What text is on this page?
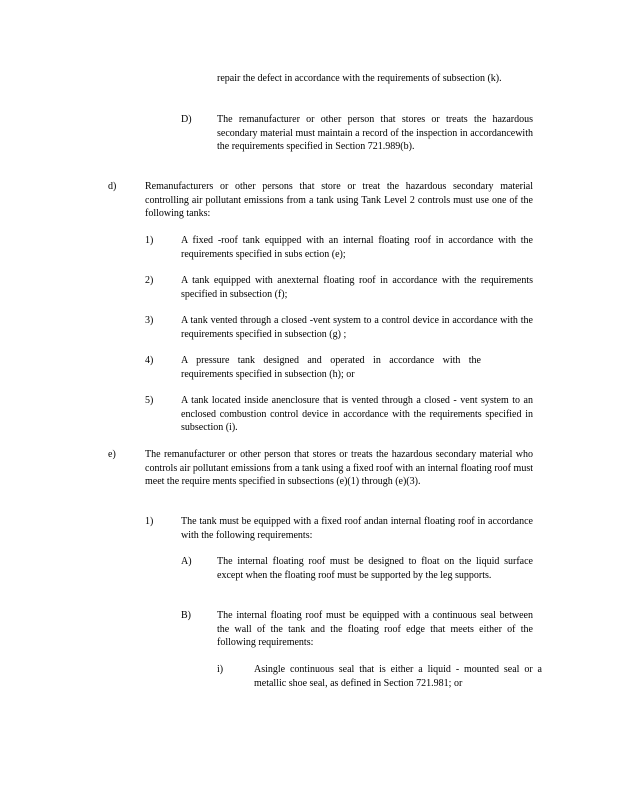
repair the defect in accordance with the requirements of subsection (k).
D)	The remanufacturer or other person that stores or treats the hazardous secondary material must maintain a record of the inspection in accordancewith the requirements specified in Section 721.989(b).
d)	Remanufacturers or other persons that store or treat the hazardous secondary material controlling air pollutant emissions from a tank using Tank Level 2 controls must use one of the following tanks:
1)	A fixed -roof tank equipped with an internal floating roof in accordance with the requirements specified in subs ection (e);
2)	A tank equipped with anexternal floating roof in accordance with the requirements specified in subsection (f);
3)	A tank vented through a closed -vent system to a control device in accordance with the requirements specified in subsection (g) ;
4)	A pressure tank designed and operated in accordance with the requirements specified in subsection (h); or
5)	A tank located inside anenclosure that is vented through a closed - vent system to an enclosed combustion control device in accordance with the requirements specified in subsection (i).
e)	The remanufacturer or other person that stores or treats the hazardous secondary material who controls air pollutant emissions from a tank using a fixed roof with an internal floating roof must meet the require ments specified in subsections (e)(1) through (e)(3).
1)	The tank must be equipped with a fixed roof andan internal floating roof in accordance with the following requirements:
A)	The internal floating roof must be designed to float on the liquid surface except when the floating roof must be supported by the leg supports.
B)	The internal floating roof must be equipped with a continuous seal between the wall of the tank and the floating roof edge that meets either of the following requirements:
i)	Asingle continuous seal that is either a liquid - mounted seal or a metallic shoe seal, as defined in Section 721.981; or
